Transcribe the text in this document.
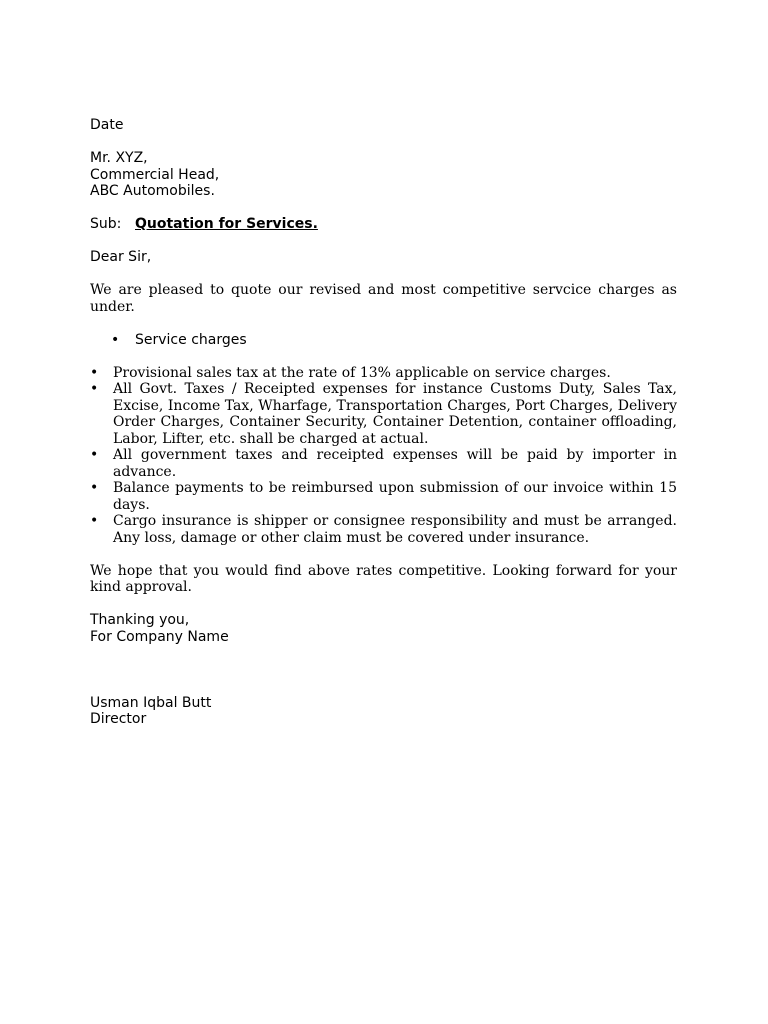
Date
Mr. XYZ,
Commercial Head,
ABC Automobiles.
Sub: Quotation for Services.
Dear Sir,
We are pleased to quote our revised and most competitive servcice charges as under.
• Service charges
• Provisional sales tax at the rate of 13% applicable on service charges.
• All Govt. Taxes / Receipted expenses for instance Customs Duty, Sales Tax, Excise, Income Tax, Wharfage, Transportation Charges, Port Charges, Delivery Order Charges, Container Security, Container Detention, container offloading, Labor, Lifter, etc. shall be charged at actual.
• All government taxes and receipted expenses will be paid by importer in advance.
• Balance payments to be reimbursed upon submission of our invoice within 15 days.
• Cargo insurance is shipper or consignee responsibility and must be arranged. Any loss, damage or other claim must be covered under insurance.
We hope that you would find above rates competitive. Looking forward for your kind approval.
Thanking you,
For Company Name
Usman Iqbal Butt
Director
